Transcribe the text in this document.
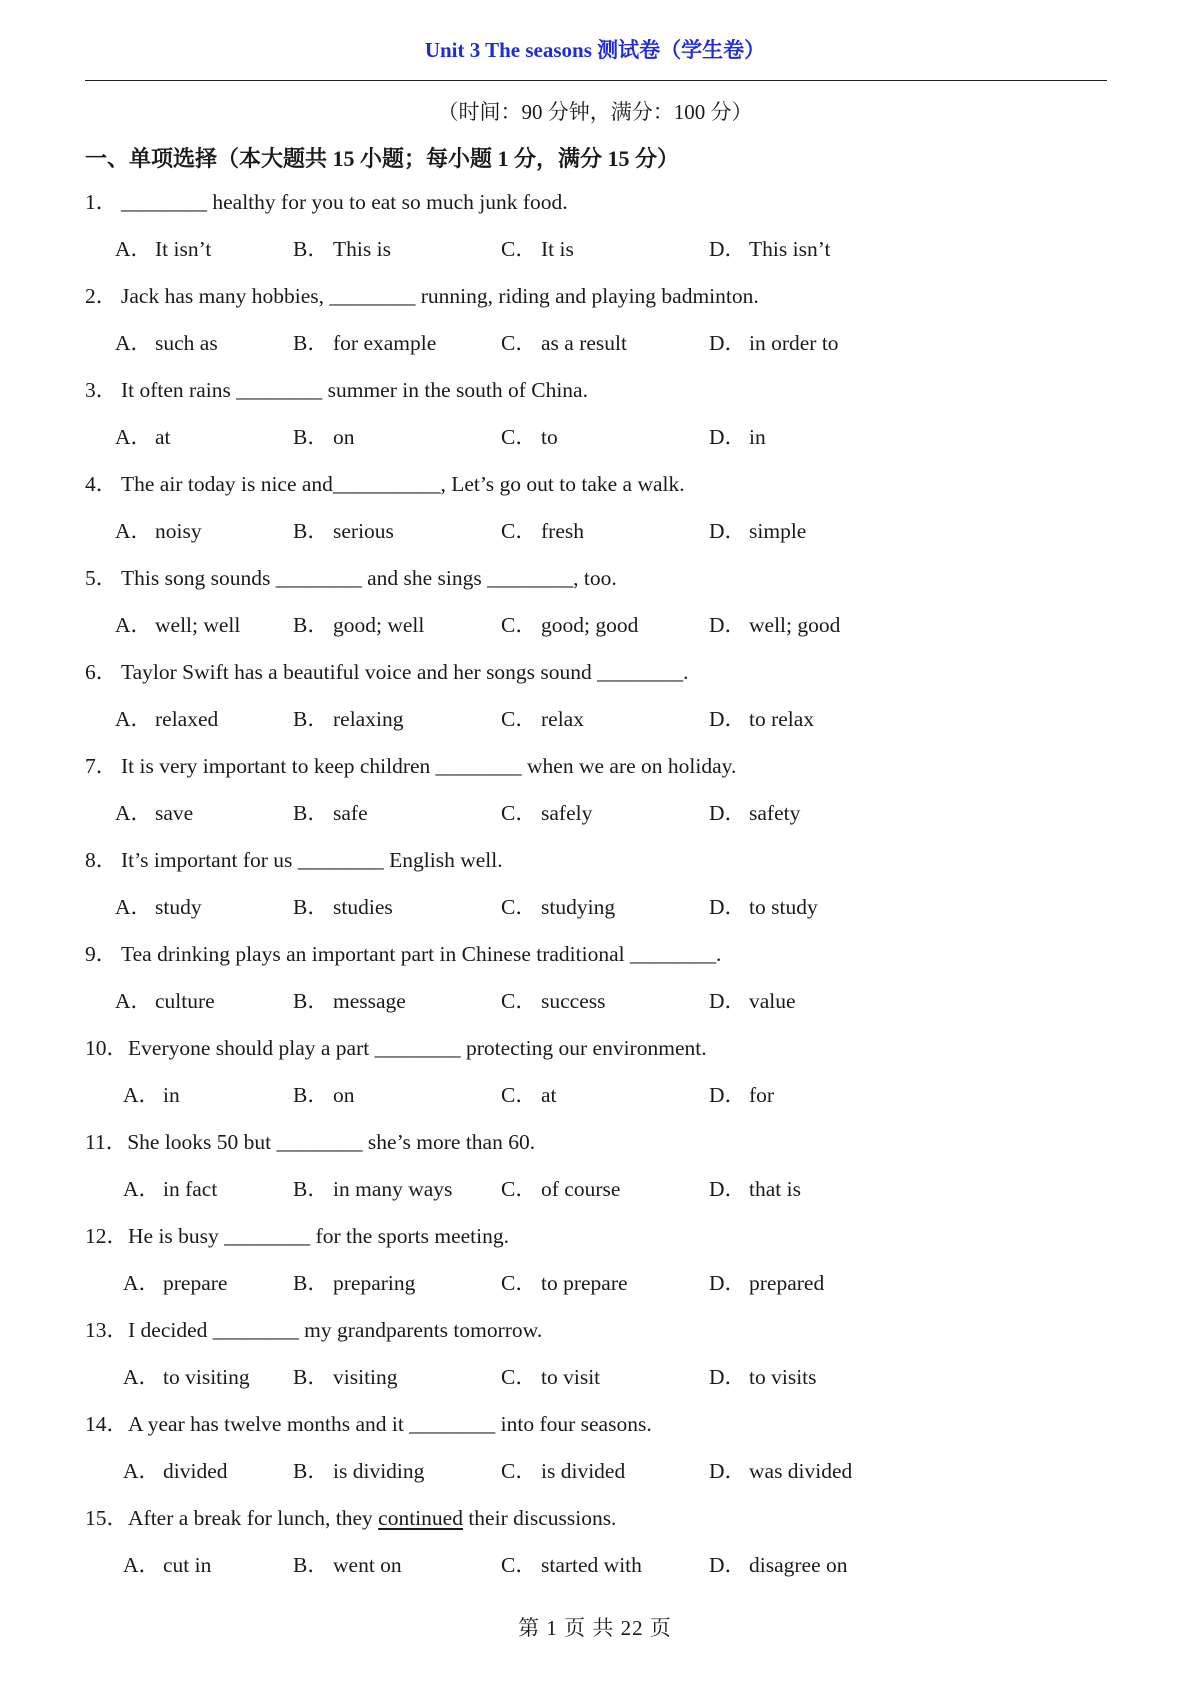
Unit 3 The seasons 测试卷（学生卷）
（时间：90 分钟，满分：100 分）
一、单项选择（本大题共 15 小题；每小题 1 分，满分 15 分）
1． ________ healthy for you to eat so much junk food.
A． It isn’t	B． This is	C． It is	D． This isn’t
2． Jack has many hobbies, ________ running, riding and playing badminton.
A． such as	B． for example	C． as a result	D． in order to
3． It often rains ________ summer in the south of China.
A． at	B． on	C． to	D． in
4． The air today is nice and__________, Let’s go out to take a walk.
A． noisy	B． serious	C． fresh	D． simple
5． This song sounds ________ and she sings ________, too.
A． well; well B． good; well	C． good; good	D． well; good
6． Taylor Swift has a beautiful voice and her songs sound ________.
A． relaxed	B． relaxing	C． relax	D． to relax
7． It is very important to keep children ________ when we are on holiday.
A． save	B． safe	C． safely	D． safety
8． It’s important for us ________ English well.
A． study	B． studies	C． studying	D． to study
9． Tea drinking plays an important part in Chinese traditional ________.
A． culture	B． message	C． success	D． value
10．Everyone should play a part ________ protecting our environment.
A． in	B． on	C． at	D． for
11．She looks 50 but ________ she’s more than 60.
A． in fact	B． in many ways C． of course	D． that is
12．He is busy ________ for the sports meeting.
A． prepare	B． preparing	C． to prepare	D． prepared
13．I decided ________ my grandparents tomorrow.
A． to visiting B． visiting	C． to visit	D． to visits
14．A year has twelve months and it ________ into four seasons.
A． divided	B． is dividing	C． is divided	D． was divided
15．After a break for lunch, they continued their discussions.
A． cut in	B． went on	C． started with	D． disagree on
第 1 页 共 22 页
